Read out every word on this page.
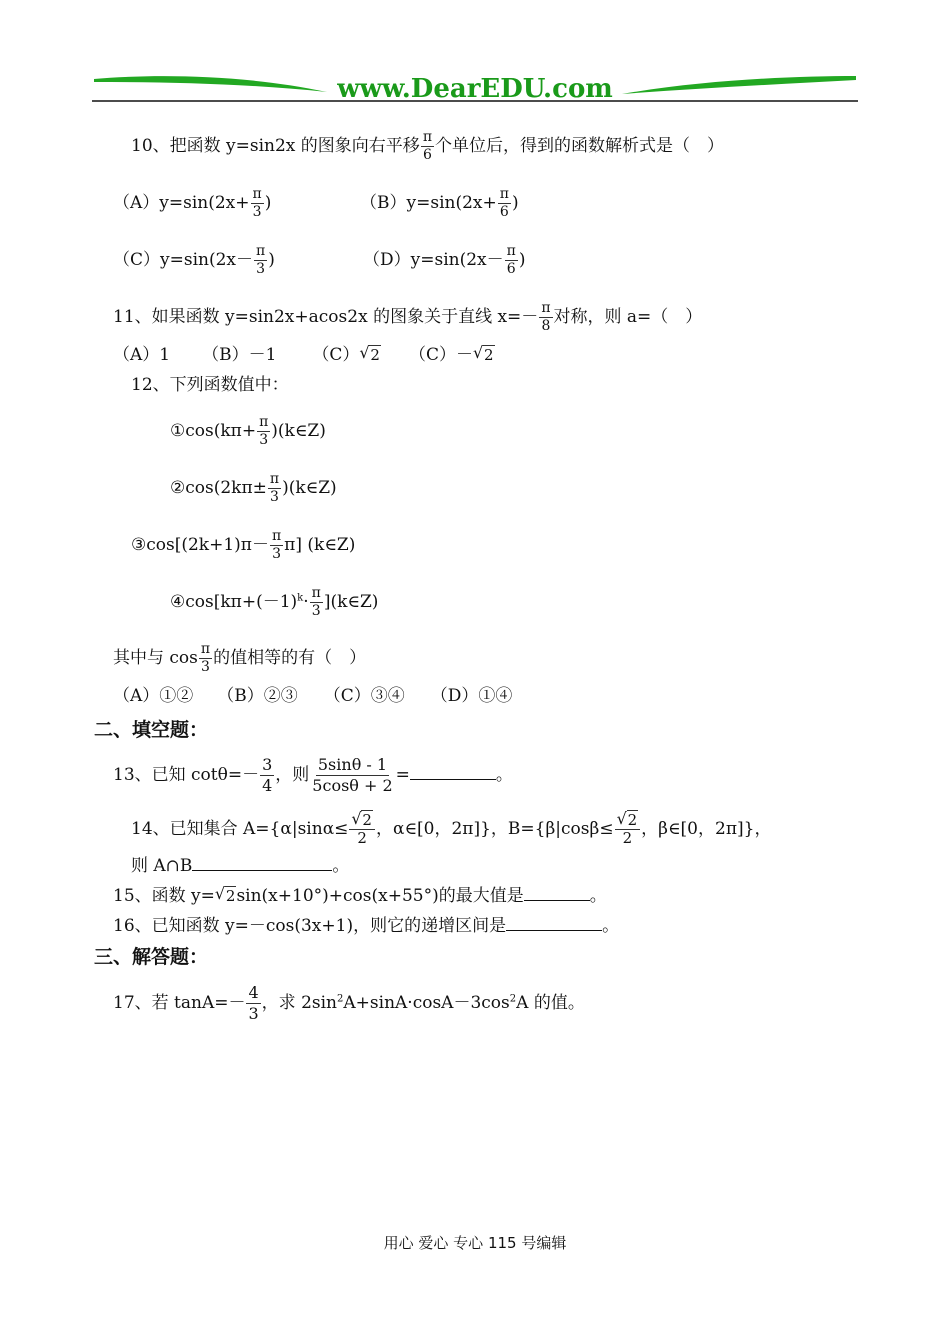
www.DearEDU.com
10、把函数 y=sin2x 的图象向右平移 $\frac{\pi}{6}$ 个单位后，得到的函数解析式是（　）
$(A)y=\sin(2x+ \frac{\pi}{3}$ )	$(B)y=\sin(2x+ \frac{\pi}{6}$ )
$(C)y=\sin(2x- \frac{\pi}{3}$ )	$(D)y=\sin(2x- \frac{\pi}{6}$ )
11、如果函数 y=sin2x+acos2x 的图象关于直线 $x=- \frac{\pi}{8}$ 对称，则 a=（　）
（A）1 （B）－1 （C） √ 2 （C）－ √ 2
12、下列函数值中：
①cos(kπ+ $\frac{\pi}{3}$ )(k∈Z)
②cos(2kπ± $\frac{\pi}{3}$ )(k∈Z)
③cos[(2k+1)π－ $\frac{\pi}{3} \pi$] (k∈Z)
$④\cos[k\pi+(-1)^k\cdot \frac{\pi}{3}$ ](k∈Z)
其中与 $\cos \frac{\pi}{3}$ 的值相等的有（　）
（A）①② （B）②③ （C）③④ （D）①④
二、填空题：
13、已知 $\cot\theta=- \frac{3}{4}$ ，则 $\frac{5\sin\theta - 1}{5\cos\theta + 2}$ =	。
14、已知集合 A={α|sinα≤ √ $\frac{2}{2}$ ，α∈[0，2π]}，B={β|cosβ≤ √ $\frac{2}{2}$ ，β∈[0，2π]}，
则 A∩B	。
15、函数 y= √ 2sin(x+10°)+cos(x+55°)的最大值是	。
16、已知函数 y=－cos(3x+1)，则它的递增区间是	。
三、解答题：
17、若 $\tan A=- \frac{4}{3}$ ，求 $2\sin^2A+\sin A\cdot\cos A-3\cos^2A$ 的值。
用心 爱心 专心 115 号编辑
